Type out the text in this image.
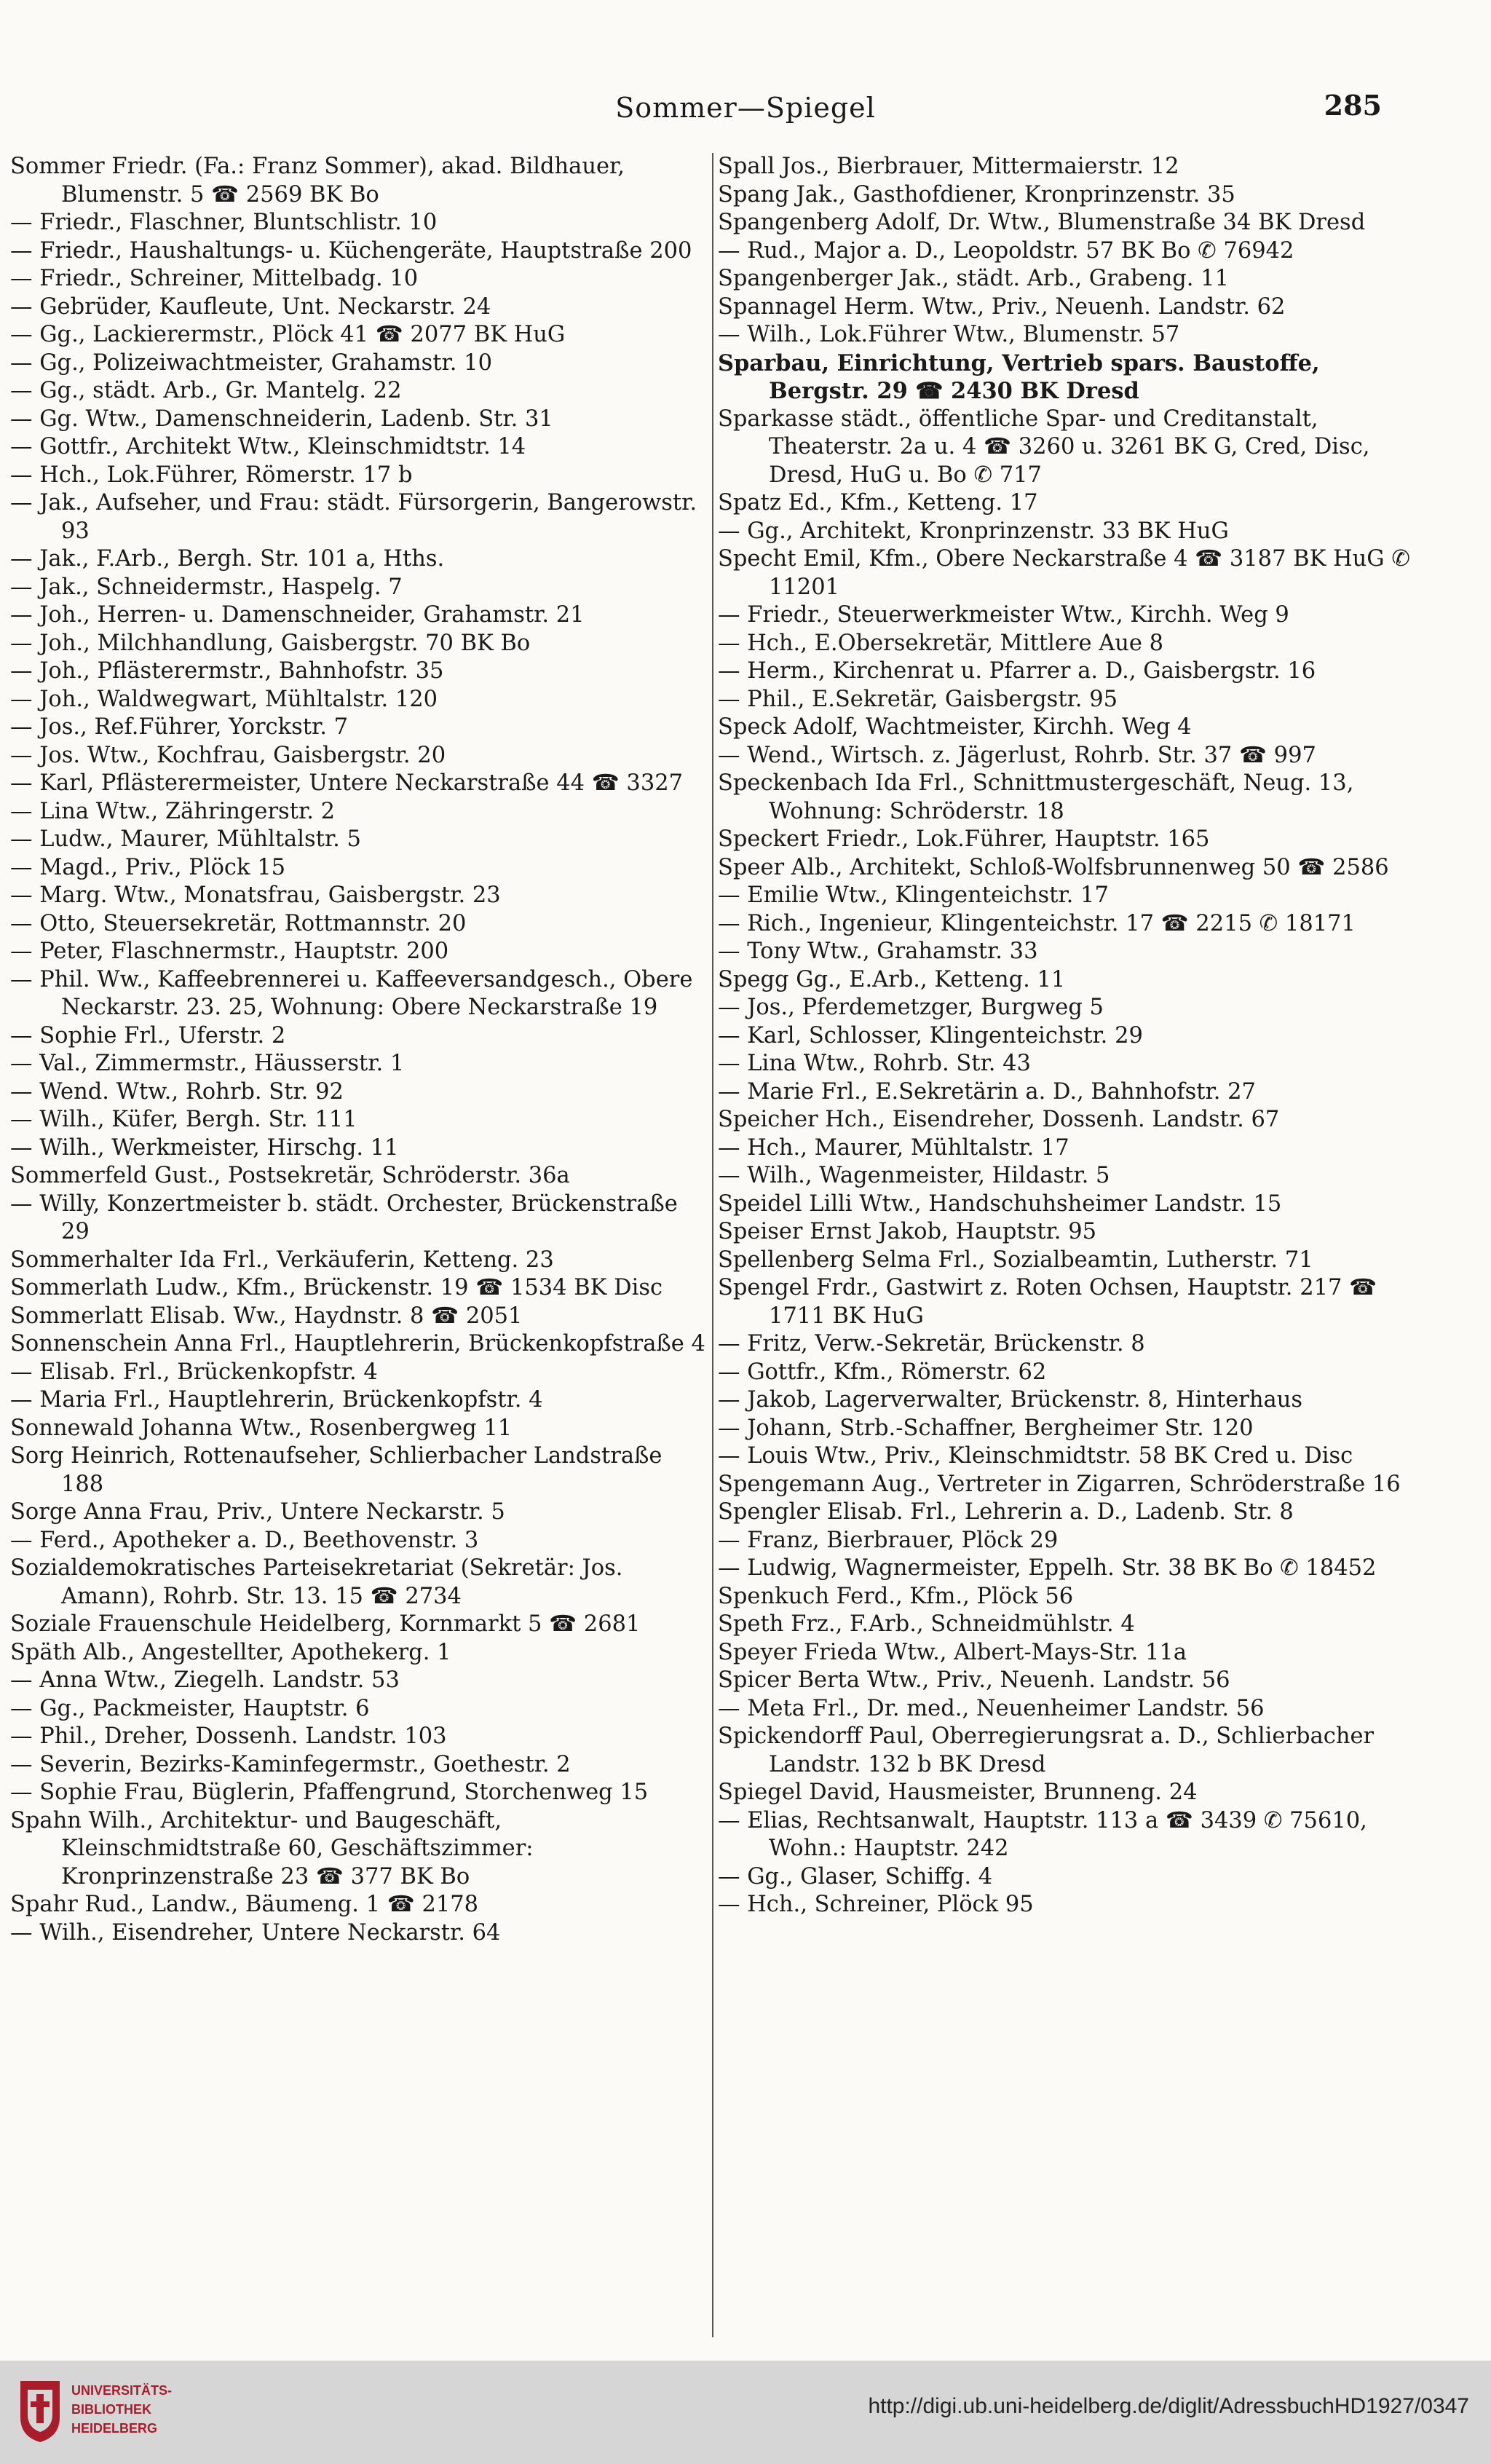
Sommer—Spiegel	285
Sommer Friedr. (Fa.: Franz Sommer), akad. Bildhauer, Blumenstr. 5 ☎ 2569 BK Bo
— Friedr., Flaschner, Bluntschlistr. 10
— Friedr., Haushaltungs- u. Küchengeräte, Hauptstraße 200
— Friedr., Schreiner, Mittelbadg. 10
— Gebrüder, Kaufleute, Unt. Neckarstr. 24
— Gg., Lackierermstr., Plöck 41 ☎ 2077 BK HuG
— Gg., Polizeiwachtmeister, Grahamstr. 10
— Gg., städt. Arb., Gr. Mantelg. 22
— Gg. Wtw., Damenschneiderin, Ladenb. Str. 31
— Gottfr., Architekt Wtw., Kleinschmidtstr. 14
— Hch., Lok.Führer, Römerstr. 17 b
— Jak., Aufseher, und Frau: städt. Fürsorgerin, Bangerowstr. 93
— Jak., F.Arb., Bergh. Str. 101 a, Hths.
— Jak., Schneidermstr., Haspelg. 7
— Joh., Herren- u. Damenschneider, Grahamstr. 21
— Joh., Milchhandlung, Gaisbergstr. 70 BK Bo
— Joh., Pflästerermstr., Bahnhofstr. 35
— Joh., Waldwegwart, Mühltalstr. 120
— Jos., Ref.Führer, Yorckstr. 7
— Jos. Wtw., Kochfrau, Gaisbergstr. 20
— Karl, Pflästerermeister, Untere Neckarstraße 44 ☎ 3327
— Lina Wtw., Zähringerstr. 2
— Ludw., Maurer, Mühltalstr. 5
— Magd., Priv., Plöck 15
— Marg. Wtw., Monatsfrau, Gaisbergstr. 23
— Otto, Steuersekretär, Rottmannstr. 20
— Peter, Flaschnermstr., Hauptstr. 200
— Phil. Ww., Kaffeebrennerei u. Kaffeeversandgesch., Obere Neckarstr. 23. 25, Wohnung: Obere Neckarstraße 19
— Sophie Frl., Uferstr. 2
— Val., Zimmermstr., Häusserstr. 1
— Wend. Wtw., Rohrb. Str. 92
— Wilh., Küfer, Bergh. Str. 111
— Wilh., Werkmeister, Hirschg. 11
Sommerfeld Gust., Postsekretär, Schröderstr. 36a
— Willy, Konzertmeister b. städt. Orchester, Brückenstraße 29
Sommerhalter Ida Frl., Verkäuferin, Ketteng. 23
Sommerlath Ludw., Kfm., Brückenstr. 19 ☎ 1534 BK Disc
Sommerlatt Elisab. Ww., Haydnstr. 8 ☎ 2051
Sonnenschein Anna Frl., Hauptlehrerin, Brückenkopfstraße 4
— Elisab. Frl., Brückenkopfstr. 4
— Maria Frl., Hauptlehrerin, Brückenkopfstr. 4
Sonnewald Johanna Wtw., Rosenbergweg 11
Sorg Heinrich, Rottenaufseher, Schlierbacher Landstraße 188
Sorge Anna Frau, Priv., Untere Neckarstr. 5
— Ferd., Apotheker a. D., Beethovenstr. 3
Sozialdemokratisches Parteisekretariat (Sekretär: Jos. Amann), Rohrb. Str. 13. 15 ☎ 2734
Soziale Frauenschule Heidelberg, Kornmarkt 5 ☎ 2681
Späth Alb., Angestellter, Apothekerg. 1
— Anna Wtw., Ziegelh. Landstr. 53
— Gg., Packmeister, Hauptstr. 6
— Phil., Dreher, Dossenh. Landstr. 103
— Severin, Bezirks-Kaminfegermstr., Goethestr. 2
— Sophie Frau, Büglerin, Pfaffengrund, Storchenweg 15
Spahn Wilh., Architektur- und Baugeschäft, Kleinschmidtstraße 60, Geschäftszimmer: Kronprinzenstraße 23 ☎ 377 BK Bo
Spahr Rud., Landw., Bäumeng. 1 ☎ 2178
— Wilh., Eisendreher, Untere Neckarstr. 64
Spall Jos., Bierbrauer, Mittermaierstr. 12
Spang Jak., Gasthofdiener, Kronprinzenstr. 35
Spangenberg Adolf, Dr. Wtw., Blumenstraße 34 BK Dresd
— Rud., Major a. D., Leopoldstr. 57 BK Bo ✆ 76942
Spangenberger Jak., städt. Arb., Grabeng. 11
Spannagel Herm. Wtw., Priv., Neuenh. Landstr. 62
— Wilh., Lok.Führer Wtw., Blumenstr. 57
Sparbau, Einrichtung, Vertrieb spars. Baustoffe, Bergstr. 29 ☎ 2430 BK Dresd
Sparkasse städt., öffentliche Spar- und Creditanstalt, Theaterstr. 2a u. 4 ☎ 3260 u. 3261 BK G, Cred, Disc, Dresd, HuG u. Bo ✆ 717
Spatz Ed., Kfm., Ketteng. 17
— Gg., Architekt, Kronprinzenstr. 33 BK HuG
Specht Emil, Kfm., Obere Neckarstraße 4 ☎ 3187 BK HuG ✆ 11201
— Friedr., Steuerwerkmeister Wtw., Kirchh. Weg 9
— Hch., E.Obersekretär, Mittlere Aue 8
— Herm., Kirchenrat u. Pfarrer a. D., Gaisbergstr. 16
— Phil., E.Sekretär, Gaisbergstr. 95
Speck Adolf, Wachtmeister, Kirchh. Weg 4
— Wend., Wirtsch. z. Jägerlust, Rohrb. Str. 37 ☎ 997
Speckenbach Ida Frl., Schnittmustergeschäft, Neug. 13, Wohnung: Schröderstr. 18
Speckert Friedr., Lok.Führer, Hauptstr. 165
Speer Alb., Architekt, Schloß-Wolfsbrunnenweg 50 ☎ 2586
— Emilie Wtw., Klingenteichstr. 17
— Rich., Ingenieur, Klingenteichstr. 17 ☎ 2215 ✆ 18171
— Tony Wtw., Grahamstr. 33
Spegg Gg., E.Arb., Ketteng. 11
— Jos., Pferdemetzger, Burgweg 5
— Karl, Schlosser, Klingenteichstr. 29
— Lina Wtw., Rohrb. Str. 43
— Marie Frl., E.Sekretärin a. D., Bahnhofstr. 27
Speicher Hch., Eisendreher, Dossenh. Landstr. 67
— Hch., Maurer, Mühltalstr. 17
— Wilh., Wagenmeister, Hildastr. 5
Speidel Lilli Wtw., Handschuhsheimer Landstr. 15
Speiser Ernst Jakob, Hauptstr. 95
Spellenberg Selma Frl., Sozialbeamtin, Lutherstr. 71
Spengel Frdr., Gastwirt z. Roten Ochsen, Hauptstr. 217 ☎ 1711 BK HuG
— Fritz, Verw.-Sekretär, Brückenstr. 8
— Gottfr., Kfm., Römerstr. 62
— Jakob, Lagerverwalter, Brückenstr. 8, Hinterhaus
— Johann, Strb.-Schaffner, Bergheimer Str. 120
— Louis Wtw., Priv., Kleinschmidtstr. 58 BK Cred u. Disc
Spengemann Aug., Vertreter in Zigarren, Schröderstraße 16
Spengler Elisab. Frl., Lehrerin a. D., Ladenb. Str. 8
— Franz, Bierbrauer, Plöck 29
— Ludwig, Wagnermeister, Eppelh. Str. 38 BK Bo ✆ 18452
Spenkuch Ferd., Kfm., Plöck 56
Speth Frz., F.Arb., Schneidmühlstr. 4
Speyer Frieda Wtw., Albert-Mays-Str. 11a
Spicer Berta Wtw., Priv., Neuenh. Landstr. 56
— Meta Frl., Dr. med., Neuenheimer Landstr. 56
Spickendorff Paul, Oberregierungsrat a. D., Schlierbacher Landstr. 132 b BK Dresd
Spiegel David, Hausmeister, Brunneng. 24
— Elias, Rechtsanwalt, Hauptstr. 113 a ☎ 3439 ✆ 75610, Wohn.: Hauptstr. 242
— Gg., Glaser, Schiffg. 4
— Hch., Schreiner, Plöck 95
UNIVERSITÄTS-
BIBLIOTHEK
HEIDELBERG
http://digi.ub.uni-heidelberg.de/diglit/AdressbuchHD1927/0347
